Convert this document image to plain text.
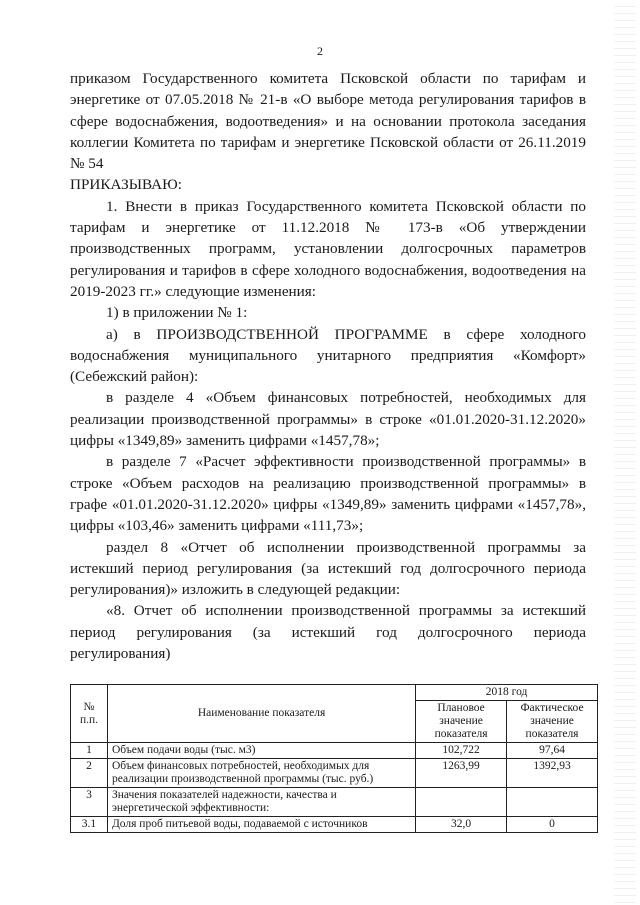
2

приказом Государственного комитета Псковской области по тарифам и энергетике от 07.05.2018 № 21-в «О выборе метода регулирования тарифов в сфере водоснабжения, водоотведения» и на основании протокола заседания коллегии Комитета по тарифам и энергетике Псковской области от 26.11.2019 № 54

ПРИКАЗЫВАЮ:

1. Внести в приказ Государственного комитета Псковской области по тарифам и энергетике от 11.12.2018 № 173-в «Об утверждении производственных программ, установлении долгосрочных параметров регулирования и тарифов в сфере холодного водоснабжения, водоотведения на 2019-2023 гг.» следующие изменения:

1) в приложении № 1:

а) в ПРОИЗВОДСТВЕННОЙ ПРОГРАММЕ в сфере холодного водоснабжения муниципального унитарного предприятия «Комфорт» (Себежский район):

в разделе 4 «Объем финансовых потребностей, необходимых для реализации производственной программы» в строке «01.01.2020-31.12.2020» цифры «1349,89» заменить цифрами «1457,78»;

в разделе 7 «Расчет эффективности производственной программы» в строке «Объем расходов на реализацию производственной программы» в графе «01.01.2020-31.12.2020» цифры «1349,89» заменить цифрами «1457,78», цифры «103,46» заменить цифрами «111,73»;

раздел 8 «Отчет об исполнении производственной программы за истекший период регулирования (за истекший год долгосрочного периода регулирования)» изложить в следующей редакции:

«8. Отчет об исполнении производственной программы за истекший период регулирования (за истекший год долгосрочного периода регулирования)

№ п.п.	Наименование показателя	2018 год	
		Плановое значение показателя	Фактическое значение показателя
1	Объем подачи воды (тыс. м3)	102,722	97,64
2	Объем финансовых потребностей, необходимых для реализации производственной программы (тыс. руб.)	1263,99	1392,93
3	Значения показателей надежности, качества и энергетической эффективности:		
3.1	Доля проб питьевой воды, подаваемой с источников	32,0	0
